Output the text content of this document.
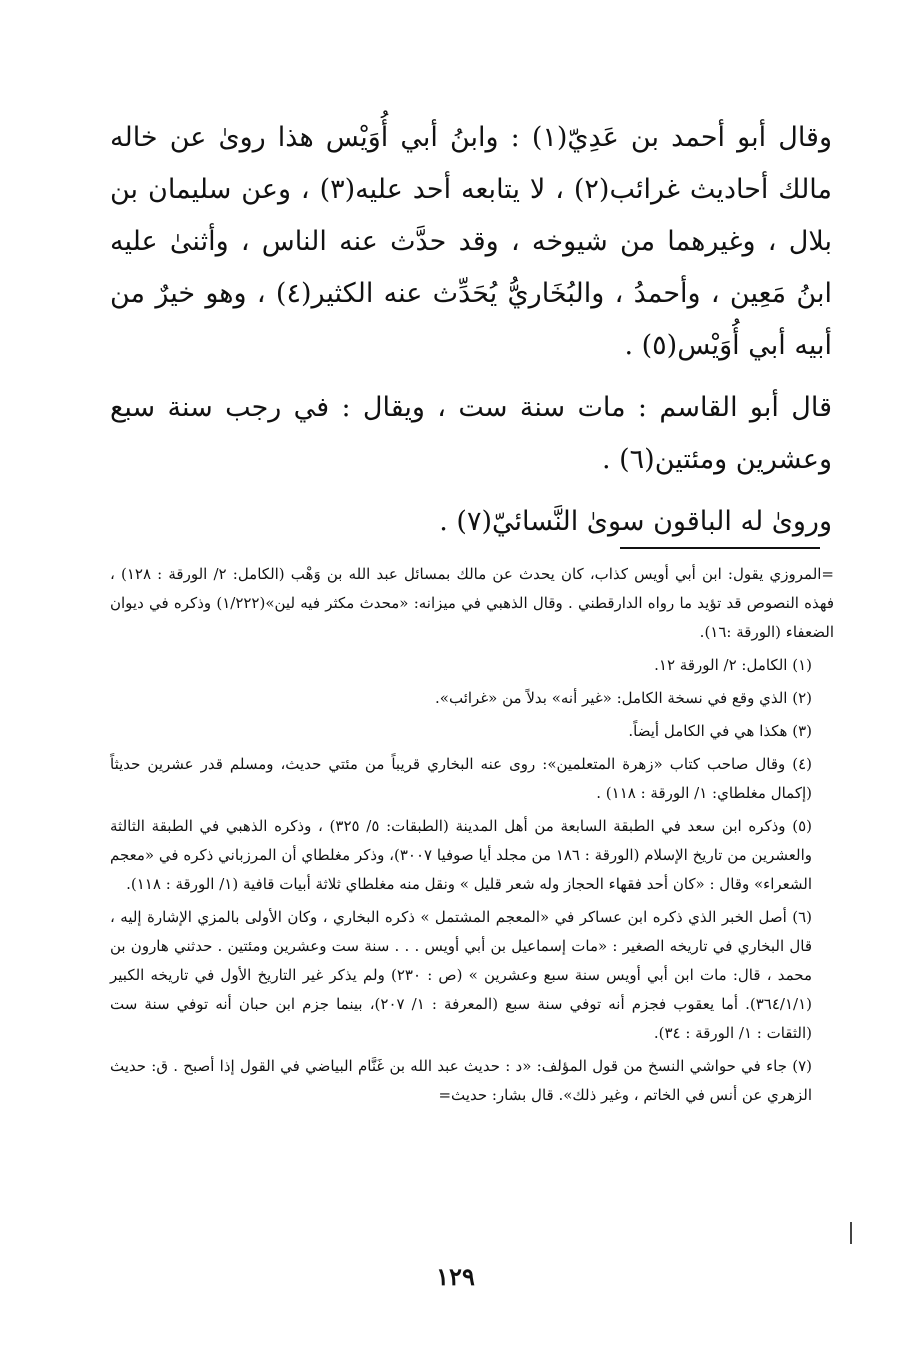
وقال أبو أحمد بن عَدِيّ(١) : وابنُ أبي أُوَيْس هذا روىٰ عن خاله مالك أحاديث غرائب(٢) ، لا يتابعه أحد عليه(٣) ، وعن سليمان بن بلال ، وغيرهما من شيوخه ، وقد حدَّث عنه الناس ، وأثنىٰ عليه ابنُ مَعِين ، وأحمدُ ، والبُخَاريُّ يُحَدِّث عنه الكثير(٤) ، وهو خيرٌ من أبيه أبي أُوَيْس(٥) .

قال أبو القاسم : مات سنة ست ، ويقال : في رجب سنة سبع وعشرين ومئتين(٦) .

وروىٰ له الباقون سوىٰ النَّسائيّ(٧) .

=المروزي يقول: ابن أبي أويس كذاب، كان يحدث عن مالك بمسائل عبد الله بن وَهْب (الكامل: ٢/ الورقة : ١٢٨) ، فهذه النصوص قد تؤيد ما رواه الدارقطني . وقال الذهبي في ميزانه: «محدث مكثر فيه لين»(١/٢٢٢) وذكره في ديوان الضعفاء (الورقة :١٦).

(١) الكامل: ٢/ الورقة ١٢.

(٢) الذي وقع في نسخة الكامل: «غير أنه» بدلاً من «غرائب».

(٣) هكذا هي في الكامل أيضاً.

(٤) وقال صاحب كتاب «زهرة المتعلمين»: روى عنه البخاري قريباً من مئتي حديث، ومسلم قدر عشرين حديثاً (إكمال مغلطاي: ١/ الورقة : ١١٨) .

(٥) وذكره ابن سعد في الطبقة السابعة من أهل المدينة (الطبقات: ٥/ ٣٢٥) ، وذكره الذهبي في الطبقة الثالثة والعشرين من تاريخ الإسلام (الورقة : ١٨٦ من مجلد أيا صوفيا ٣٠٠٧)، وذكر مغلطاي أن المرزباني ذكره في «معجم الشعراء» وقال : «كان أحد فقهاء الحجاز وله شعر قليل » ونقل منه مغلطاي ثلاثة أبيات قافية (١/ الورقة : ١١٨).

(٦) أصل الخبر الذي ذكره ابن عساكر في «المعجم المشتمل » ذكره البخاري ، وكان الأولى بالمزي الإشارة إليه ، قال البخاري في تاريخه الصغير : «مات إسماعيل بن أبي أويس . . . سنة ست وعشرين ومئتين . حدثني هارون بن محمد ، قال: مات ابن أبي أويس سنة سبع وعشرين » (ص : ٢٣٠) ولم يذكر غير التاريخ الأول في تاريخه الكبير (٣٦٤/١/١). أما يعقوب فجزم أنه توفي سنة سبع (المعرفة : ١/ ٢٠٧)، بينما جزم ابن حبان أنه توفي سنة ست (الثقات : ١/ الورقة : ٣٤).

(٧) جاء في حواشي النسخ من قول المؤلف: «د : حديث عبد الله بن غَنَّام البياضي في القول إذا أصبح . ق: حديث الزهري عن أنس في الخاتم ، وغير ذلك». قال بشار: حديث=

١٢٩
